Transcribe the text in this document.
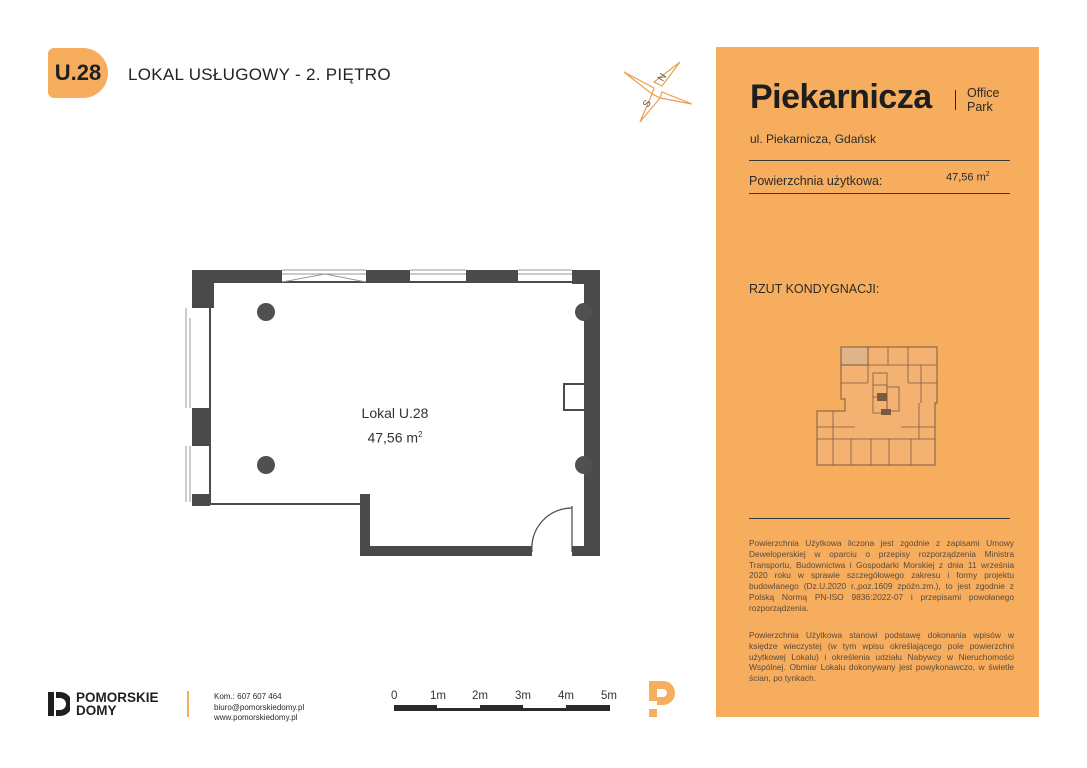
U.28 LOKAL USŁUGOWY - 2. PIĘTRO	N
S
Lokal U.28
47,56 $m^2$
0	1m 2m 3m 4m 5m
POMORSKIE
DOMY
Kom.: 607 607 464
biuro@pomorskiedomy.pl
www.pomorskiedomy.pl
Piekarnicza	Office
Park
ul. Piekarnicza, Gdańsk
Powierzchnia użytkowa:	47,56 $m^2$
RZUT KONDYGNACJI:
Powierzchnia Użytkowa liczona jest zgodnie z zapisami Umowy Deweloperskiej w oparciu o przepisy rozporządzenia Ministra Transportu, Budownictwa i Gospodarki Morskiej z dnia 11 września 2020 roku w sprawie szczegółowego zakresu i formy projektu budowlanego (Dz.U.2020 r.,poz.1609 zpóźn.zm.), to jest zgodnie z Polską Normą PN-ISO 9836:2022-07 i przepisami powołanego rozporządzenia.
Powierzchnia Użytkowa stanowi podstawę dokonania wpisów w księdze wieczystej (w tym wpisu określającego pole powierzchni użytkowej Lokalu) i określenia udziału Nabywcy w Nieruchomości Wspólnej. Obmiar Lokalu dokonywany jest powykonawczo, w świetle ścian, po tynkach.
